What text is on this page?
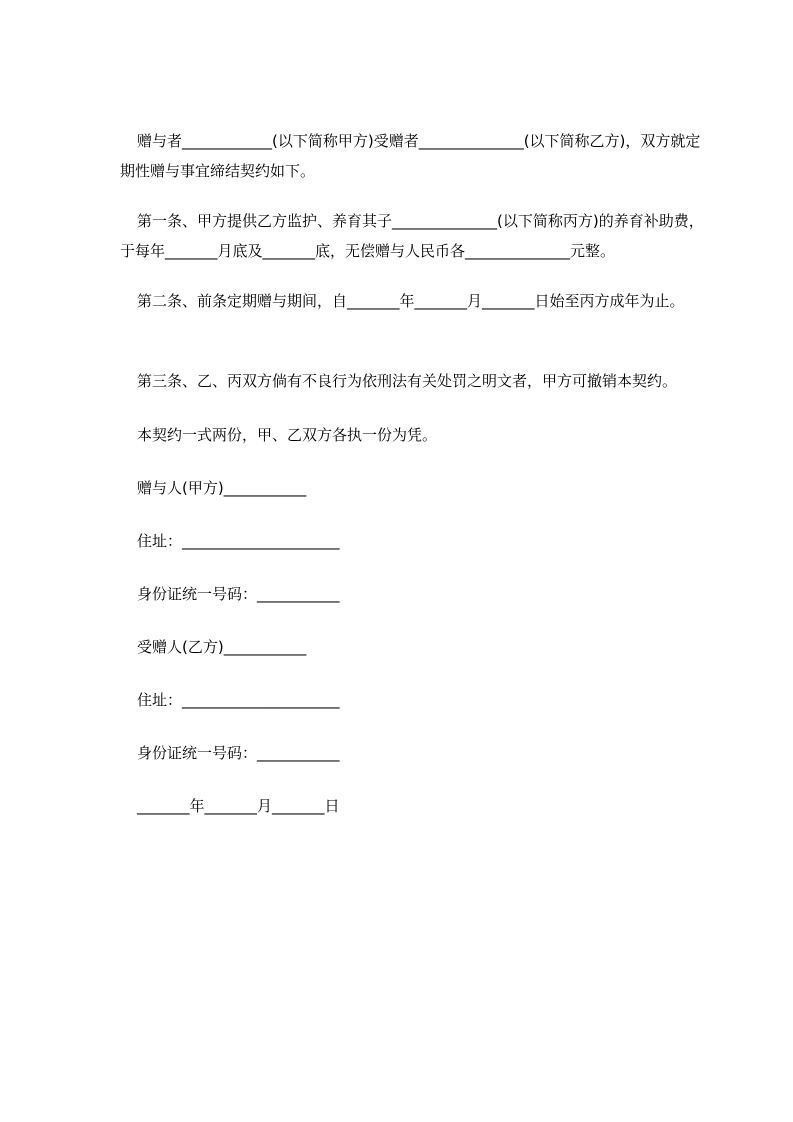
赠与者____________(以下简称甲方)受赠者______________(以下简称乙方)，双方就定期性赠与事宜缔结契约如下。

第一条、甲方提供乙方监护、养育其子______________(以下简称丙方)的养育补助费，于每年_______月底及_______底，无偿赠与人民币各______________元整。

第二条、前条定期赠与期间，自_______年_______月_______日始至丙方成年为止。

第三条、乙、丙双方倘有不良行为依刑法有关处罚之明文者，甲方可撤销本契约。

本契约一式两份，甲、乙双方各执一份为凭。

赠与人(甲方)___________

住址：_____________________

身份证统一号码：___________

受赠人(乙方)___________

住址：_____________________

身份证统一号码：___________

_______年_______月_______日
